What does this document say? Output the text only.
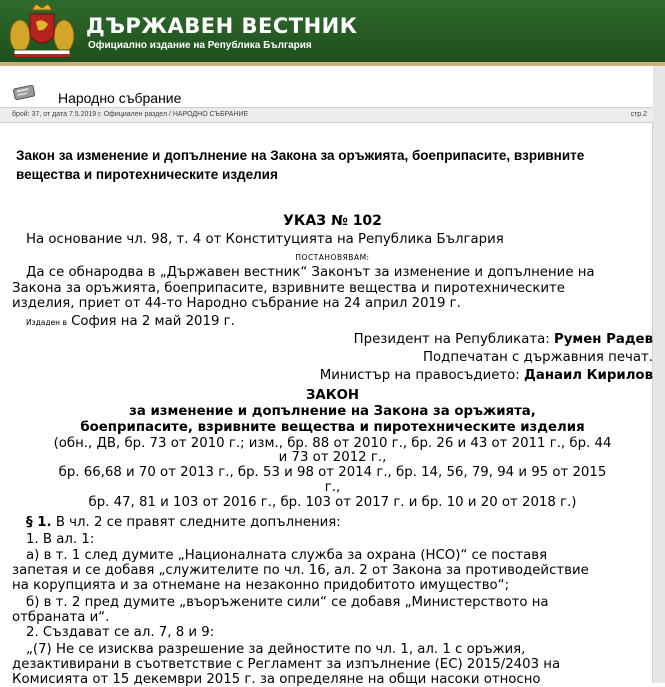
ДЪРЖАВЕН ВЕСТНИК
Официално издание на Република България
Народно събрание
брой: 37, от дата 7.5.2019 г. Официален раздел / НАРОДНО СЪБРАНИЕ	стр.2
Закон за изменение и допълнение на Закона за оръжията, боеприпасите, взривните вещества и пиротехническите изделия
УКАЗ № 102
На основание чл. 98, т. 4 от Конституцията на Република България
ПОСТАНОВЯВАМ:
Да се обнародва в „Държавен вестник“ Законът за изменение и допълнение на
Закона за оръжията, боеприпасите, взривните вещества и пиротехническите
изделия, приет от 44-то Народно събрание на 24 април 2019 г.
Издаден в София на 2 май 2019 г.
Президент на Републиката: Румен Радев
Подпечатан с държавния печат.
Министър на правосъдието: Данаил Кирилов
ЗАКОН
за изменение и допълнение на Закона за оръжията,
боеприпасите, взривните вещества и пиротехническите изделия
(обн., ДВ, бр. 73 от 2010 г.; изм., бр. 88 от 2010 г., бр. 26 и 43 от 2011 г., бр. 44
и 73 от 2012 г.,
бр. 66,68 и 70 от 2013 г., бр. 53 и 98 от 2014 г., бр. 14, 56, 79, 94 и 95 от 2015
г.,
бр. 47, 81 и 103 от 2016 г., бр. 103 от 2017 г. и бр. 10 и 20 от 2018 г.)
§ 1. В чл. 2 се правят следните допълнения:
1. В ал. 1:
а) в т. 1 след думите „Националната служба за охрана (НСО)“ се поставя
запетая и се добавя „служителите по чл. 16, ал. 2 от Закона за противодействие
на корупцията и за отнемане на незаконно придобитото имущество“;
б) в т. 2 пред думите „въоръжените сили“ се добавя „Министерството на
отбраната и“.
2. Създават се ал. 7, 8 и 9:
„(7) Не се изисква разрешение за дейностите по чл. 1, ал. 1 с оръжия,
дезактивирани в съответствие с Регламент за изпълнение (ЕС) 2015/2403 на
Комисията от 15 декември 2015 г. за определяне на общи насоки относно
